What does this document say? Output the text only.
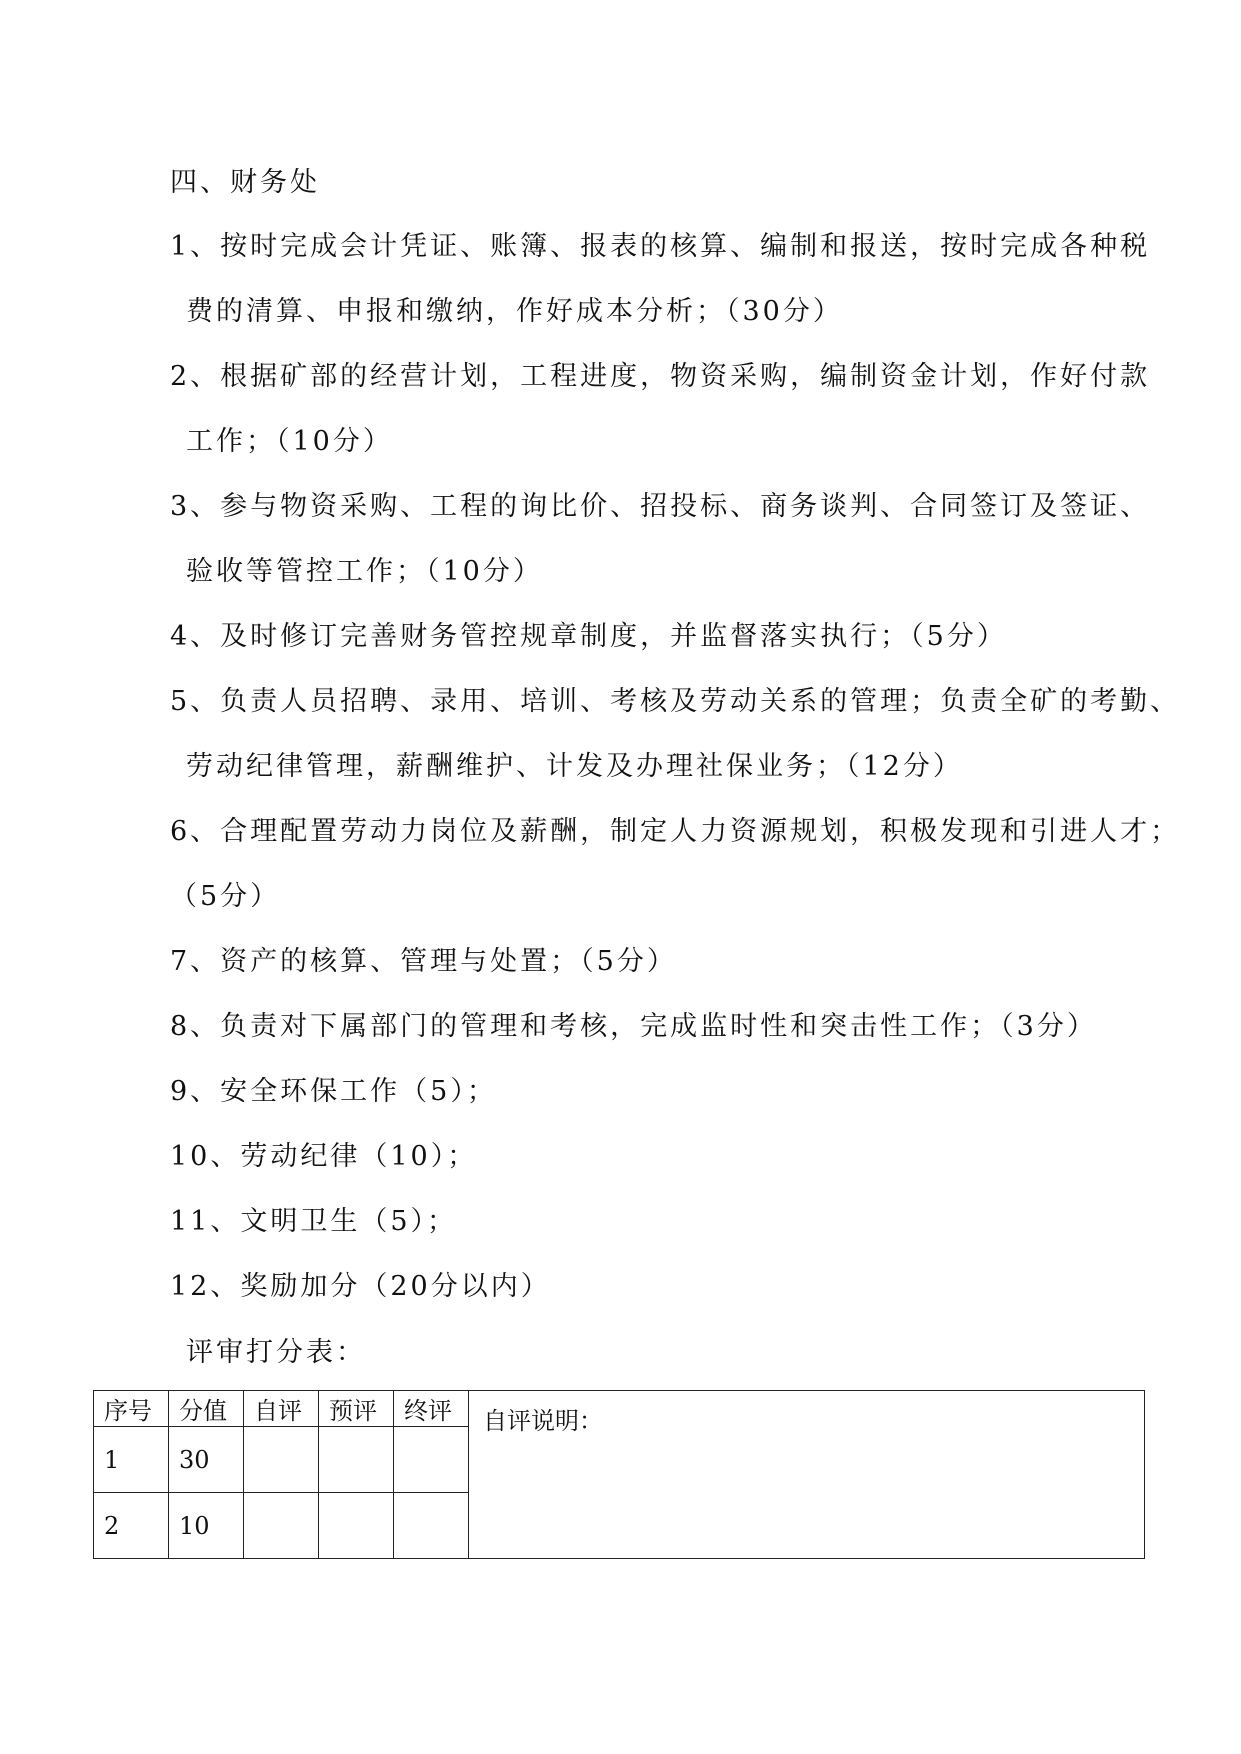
四、财务处
1、按时完成会计凭证、账簿、报表的核算、编制和报送，按时完成各种税
费的清算、申报和缴纳，作好成本分析；（30分）
2、根据矿部的经营计划，工程进度，物资采购，编制资金计划，作好付款
工作；（10分）
3、参与物资采购、工程的询比价、招投标、商务谈判、合同签订及签证、
验收等管控工作；（10分）
4、及时修订完善财务管控规章制度，并监督落实执行；（5分）
5、负责人员招聘、录用、培训、考核及劳动关系的管理；负责全矿的考勤、
劳动纪律管理，薪酬维护、计发及办理社保业务；（12分）
6、合理配置劳动力岗位及薪酬，制定人力资源规划，积极发现和引进人才；
（5分）
7、资产的核算、管理与处置；（5分）
8、负责对下属部门的管理和考核，完成监时性和突击性工作；（3分）
9、安全环保工作（5）；
10、劳动纪律（10）；
11、文明卫生（5）；
12、奖励加分（20分以内）
评审打分表：
序号	分值	自评	预评	终评	自评说明：
1	30				
2	10				
